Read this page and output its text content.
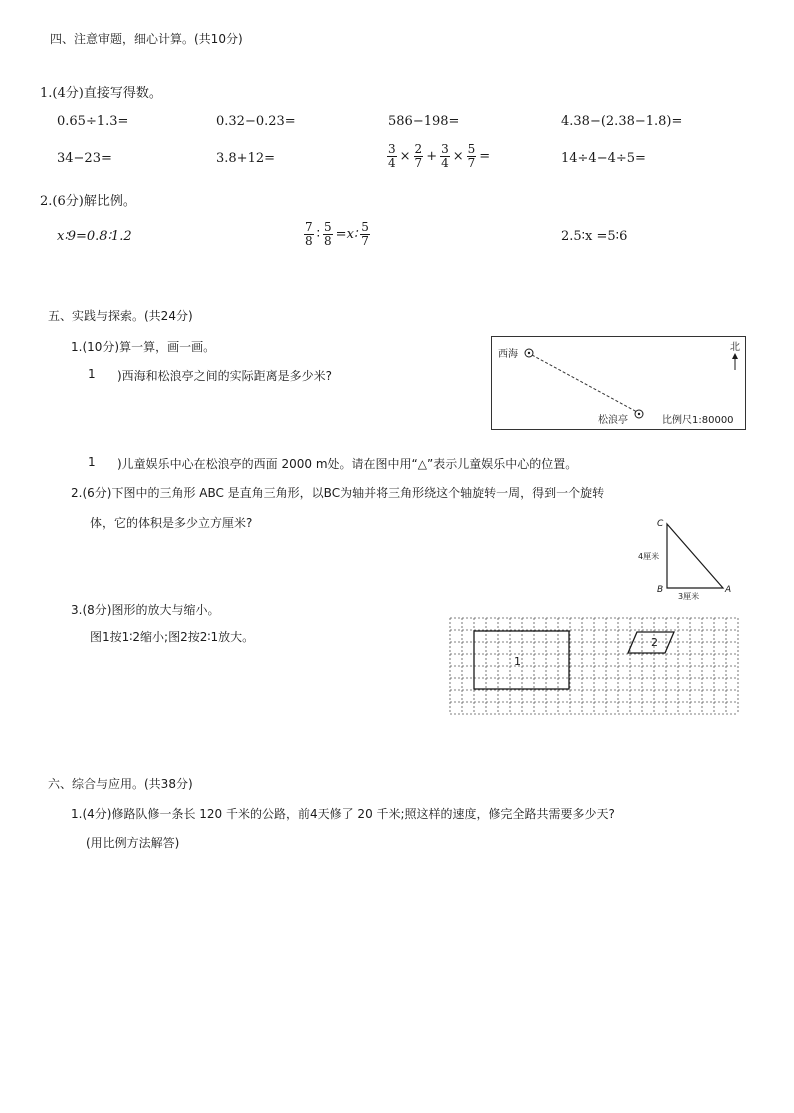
四、注意审题，细心计算。(共10分)
1.(4分)直接写得数。
0.65÷1.3=	0.32−0.23=	586−198=	4.38−(2.38−1.8)=
34−23=	3.8+12=	$\frac{3}{4} \times \frac{2}{7} + \frac{3}{4} \times \frac{5}{7}$ =	14÷4−4÷5=
2.(6分)解比例。
x∶9=0.8∶1.2	$\frac{7}{8}$ ∶ $\frac{5}{8}$ =x∶ $\frac{5}{7}$	2.5∶x =5∶6
五、实践与探索。(共24分)
1.(10分)算一算，画一画。
1 )西海和松浪亭之间的实际距离是多少米?
西海
松浪亭
北
比例尺1:80000
1 )儿童娱乐中心在松浪亭的西面 2000 m处。请在图中用“△”表示儿童娱乐中心的位置。
2.(6分)下图中的三角形 ABC 是直角三角形，以BC为轴并将三角形绕这个轴旋转一周，得到一个旋转
体，它的体积是多少立方厘米?	C
B	A
4厘米
3厘米
3.(8分)图形的放大与缩小。
图1按1∶2缩小;图2按2∶1放大。
1
2
六、综合与应用。(共38分)
1.(4分)修路队修一条长 120 千米的公路，前4天修了 20 千米;照这样的速度，修完全路共需要多少天?
(用比例方法解答)
